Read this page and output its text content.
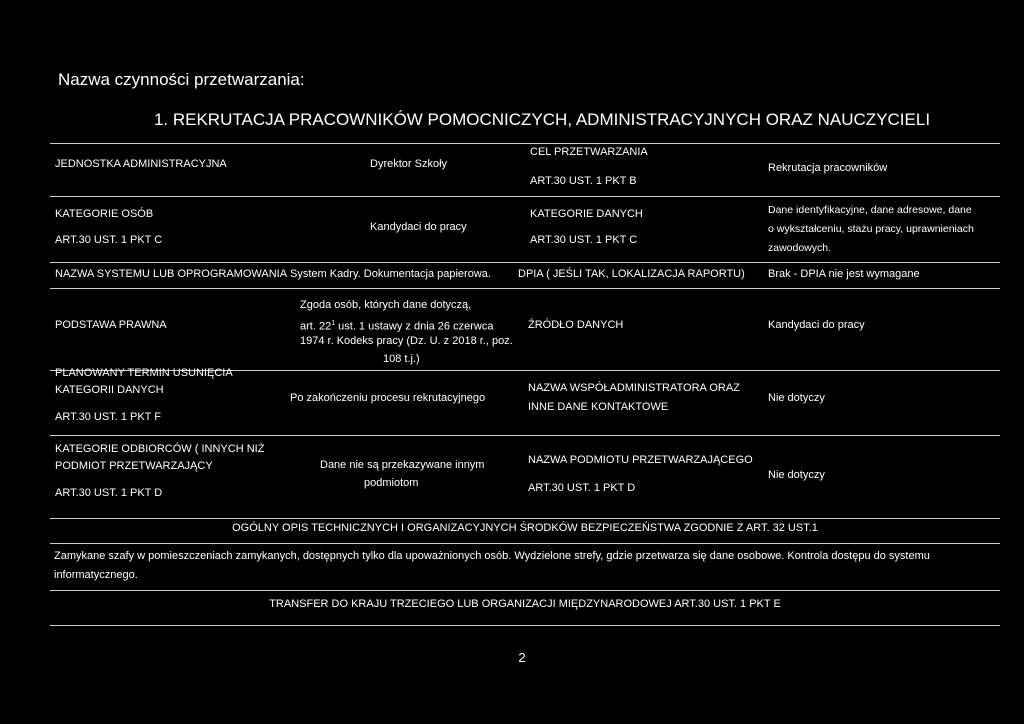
Nazwa czynności przetwarzania:
1. REKRUTACJA PRACOWNIKÓW POMOCNICZYCH, ADMINISTRACYJNYCH ORAZ NAUCZYCIELI
JEDNOSTKA ADMINISTRACYJNA	Dyrektor Szkoły
CEL PRZETWARZANIA
ART.30 UST. 1 PKT B
Rekrutacja pracowników
KATEGORIE OSÓB
ART.30 UST. 1 PKT C
Kandydaci do pracy
KATEGORIE DANYCH
ART.30 UST. 1 PKT C
Dane identyfikacyjne, dane adresowe, dane
o wykształceniu, stażu pracy, uprawnieniach
zawodowych.
NAZWA SYSTEMU LUB OPROGRAMOWANIA System Kadry. Dokumentacja papierowa. DPIA ( JEŚLI TAK, LOKALIZACJA RAPORTU) Brak - DPIA nie jest wymagane
PODSTAWA PRAWNA
Zgoda osób, których dane dotyczą,
art. $22^1$ ust. 1 ustawy z dnia 26 czerwca
1974 r. Kodeks pracy (Dz. U. z 2018 r., poz.
108 t.j.)
ŹRÓDŁO DANYCH	Kandydaci do pracy
PLANOWANY TERMIN USUNIĘCIA
KATEGORII DANYCH
ART.30 UST. 1 PKT F
Po zakończeniu procesu rekrutacyjnego
NAZWA WSPÓŁADMINISTRATORA ORAZ
INNE DANE KONTAKTOWE
Nie dotyczy
KATEGORIE ODBIORCÓW ( INNYCH NIŻ
PODMIOT PRZETWARZAJĄCY
ART.30 UST. 1 PKT D
Dane nie są przekazywane innym
podmiotom
NAZWA PODMIOTU PRZETWARZAJĄCEGO
ART.30 UST. 1 PKT D
Nie dotyczy
OGÓLNY OPIS TECHNICZNYCH I ORGANIZACYJNYCH ŚRODKÓW BEZPIECZEŃSTWA ZGODNIE Z ART. 32 UST.1
Zamykane szafy w pomieszczeniach zamykanych, dostępnych tylko dla upoważnionych osób. Wydzielone strefy, gdzie przetwarza się dane osobowe. Kontrola dostępu do systemu
informatycznego.
TRANSFER DO KRAJU TRZECIEGO LUB ORGANIZACJI MIĘDZYNARODOWEJ ART.30 UST. 1 PKT E
2
